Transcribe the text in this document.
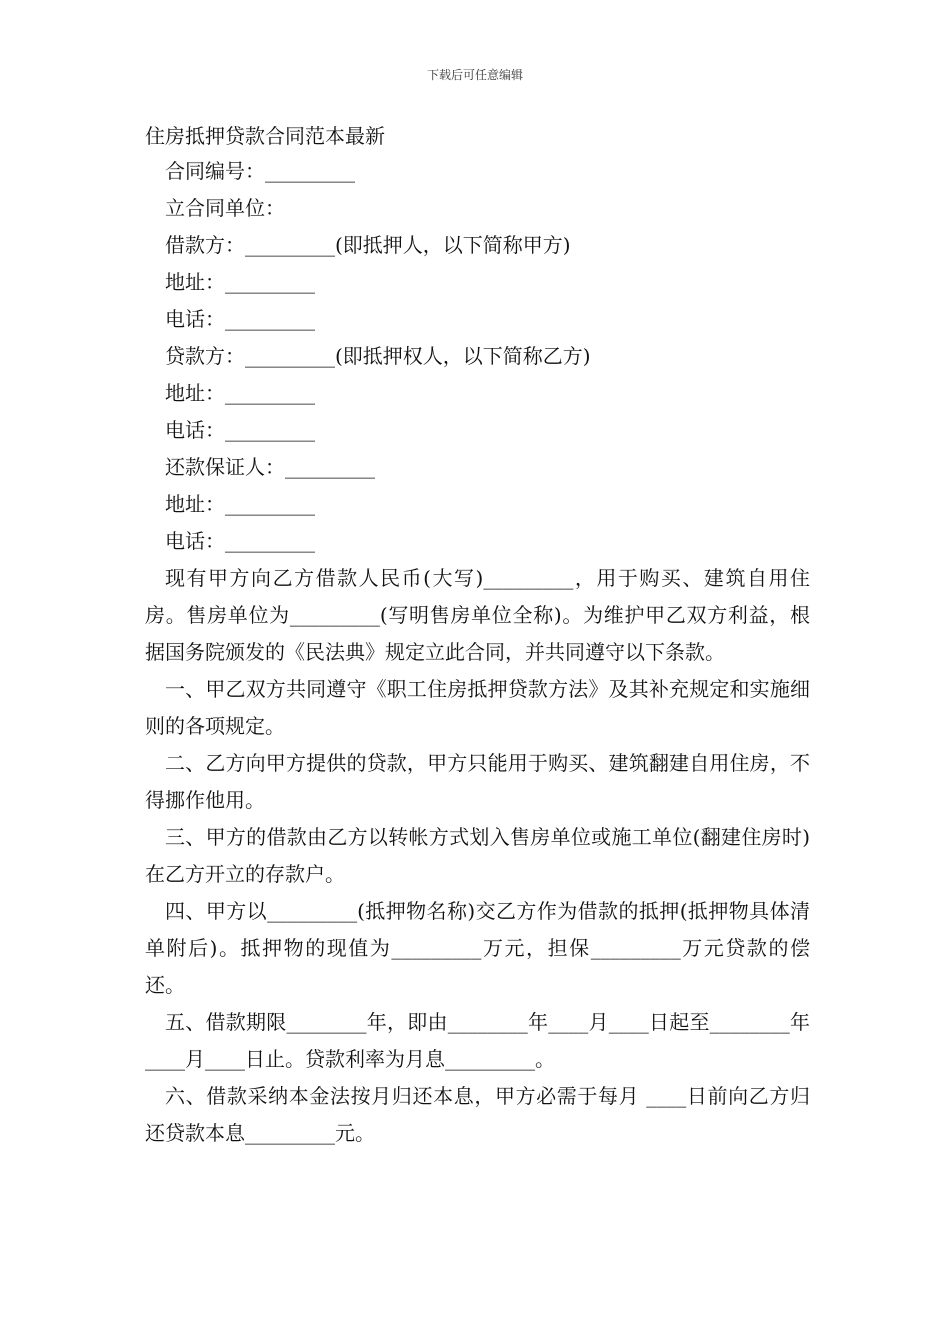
下载后可任意编辑
住房抵押贷款合同范本最新
合同编号：_________
立合同单位：
借款方：_________(即抵押人，以下简称甲方)
地址：_________
电话：_________
贷款方：_________(即抵押权人，以下简称乙方)
地址：_________
电话：_________
还款保证人：_________
地址：_________
电话：_________

现有甲方向乙方借款人民币(大写)_________，用于购买、建筑自用住房。售房单位为_________(写明售房单位全称)。为维护甲乙双方利益，根据国务院颁发的《民法典》规定立此合同，并共同遵守以下条款。

一、甲乙双方共同遵守《职工住房抵押贷款方法》及其补充规定和实施细则的各项规定。

二、乙方向甲方提供的贷款，甲方只能用于购买、建筑翻建自用住房，不得挪作他用。

三、甲方的借款由乙方以转帐方式划入售房单位或施工单位(翻建住房时)在乙方开立的存款户。

四、甲方以_________(抵押物名称)交乙方作为借款的抵押(抵押物具体清单附后)。抵押物的现值为_________万元，担保_________万元贷款的偿还。

五、借款期限________年，即由________年____月____日起至________年____月____日止。贷款利率为月息_________。

六、借款采纳本金法按月归还本息，甲方必需于每月 ____日前向乙方归还贷款本息_________元。
